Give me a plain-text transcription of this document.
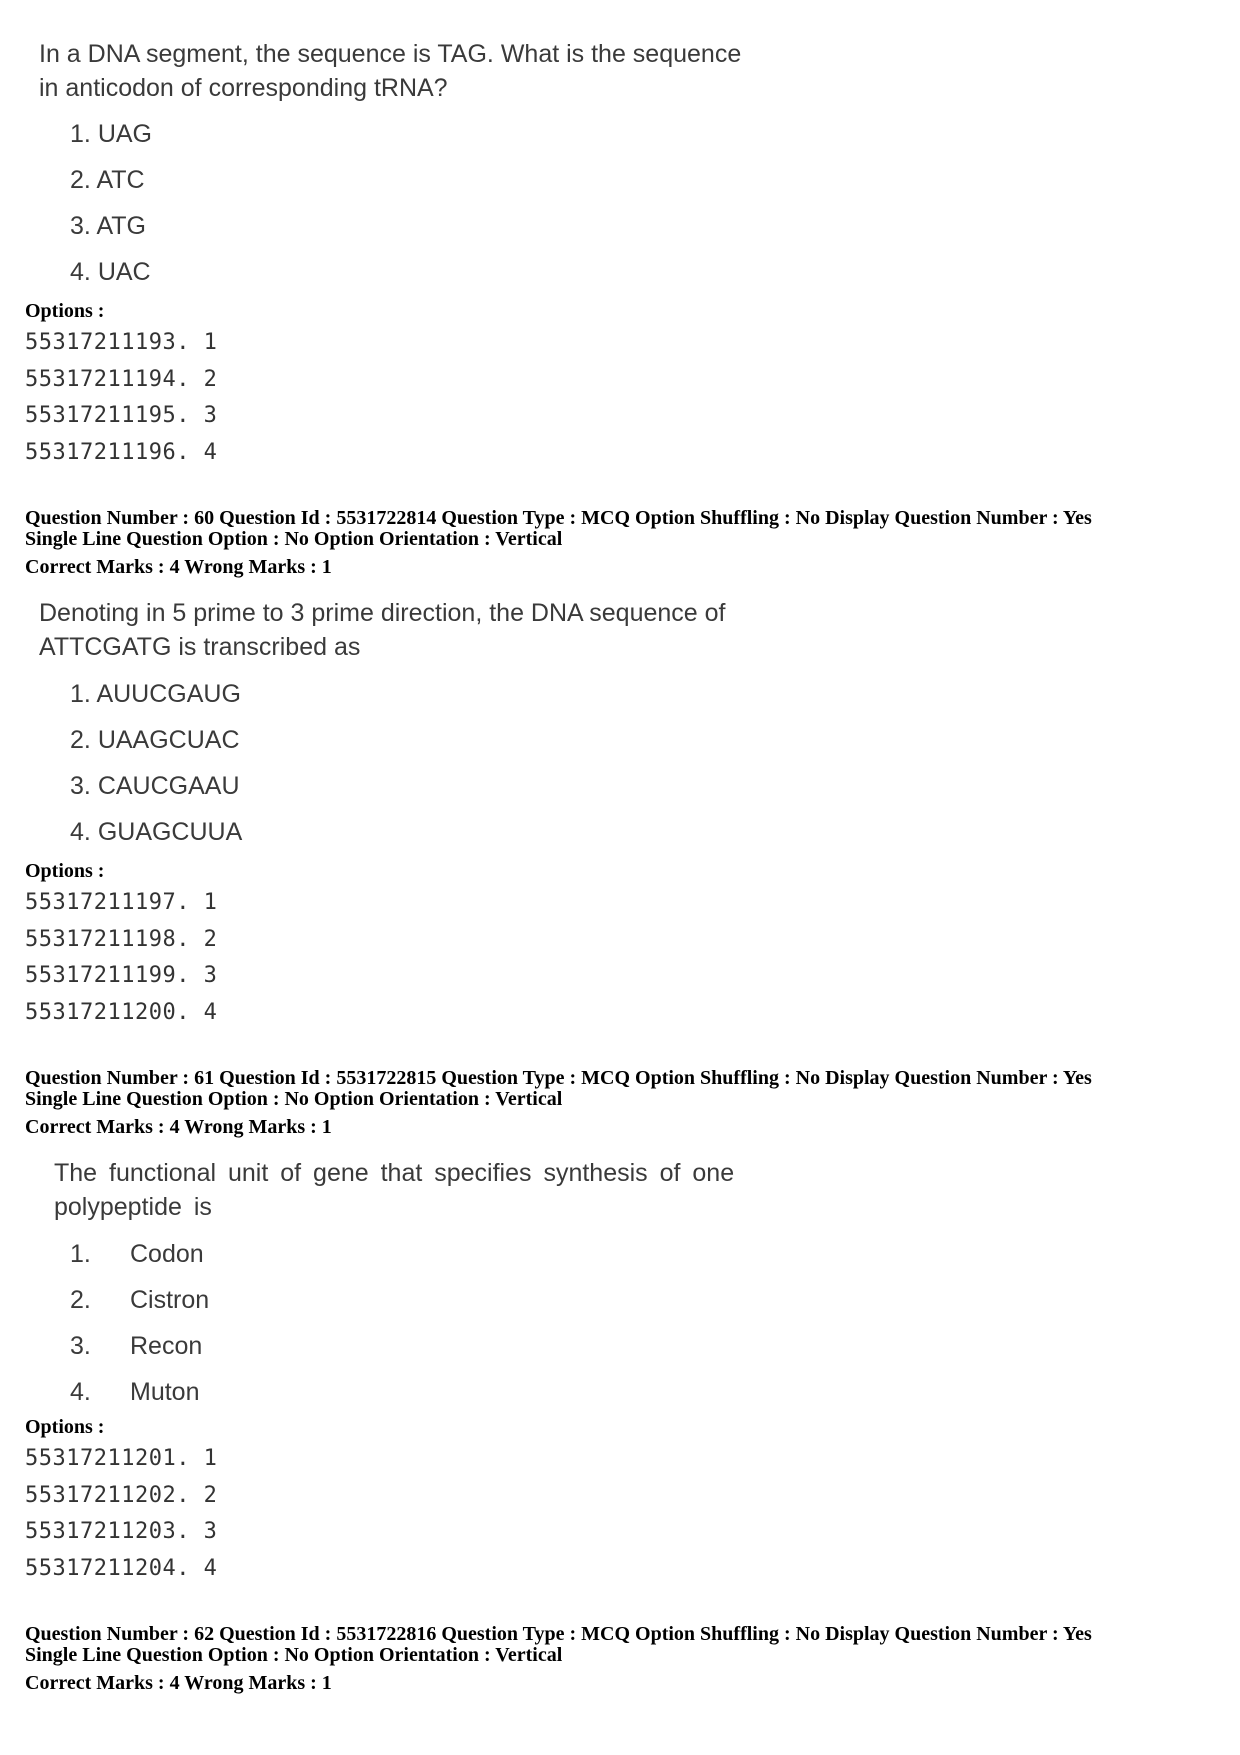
In a DNA segment, the sequence is TAG. What is the sequence
in anticodon of corresponding tRNA?
1. UAG
2. ATC
3. ATG
4. UAC
Options :
55317211193. 1
55317211194. 2
55317211195. 3
55317211196. 4
Question Number : 60 Question Id : 5531722814 Question Type : MCQ Option Shuffling : No Display Question Number : Yes
Single Line Question Option : No Option Orientation : Vertical
Correct Marks : 4 Wrong Marks : 1
Denoting in 5 prime to 3 prime direction, the DNA sequence of
ATTCGATG is transcribed as
1. AUUCGAUG
2. UAAGCUAC
3. CAUCGAAU
4. GUAGCUUA
Options :
55317211197. 1
55317211198. 2
55317211199. 3
55317211200. 4
Question Number : 61 Question Id : 5531722815 Question Type : MCQ Option Shuffling : No Display Question Number : Yes
Single Line Question Option : No Option Orientation : Vertical
Correct Marks : 4 Wrong Marks : 1
The functional unit of gene that specifies synthesis of one
polypeptide is
1. Codon
2. Cistron
3. Recon
4. Muton
Options :
55317211201. 1
55317211202. 2
55317211203. 3
55317211204. 4
Question Number : 62 Question Id : 5531722816 Question Type : MCQ Option Shuffling : No Display Question Number : Yes
Single Line Question Option : No Option Orientation : Vertical
Correct Marks : 4 Wrong Marks : 1
